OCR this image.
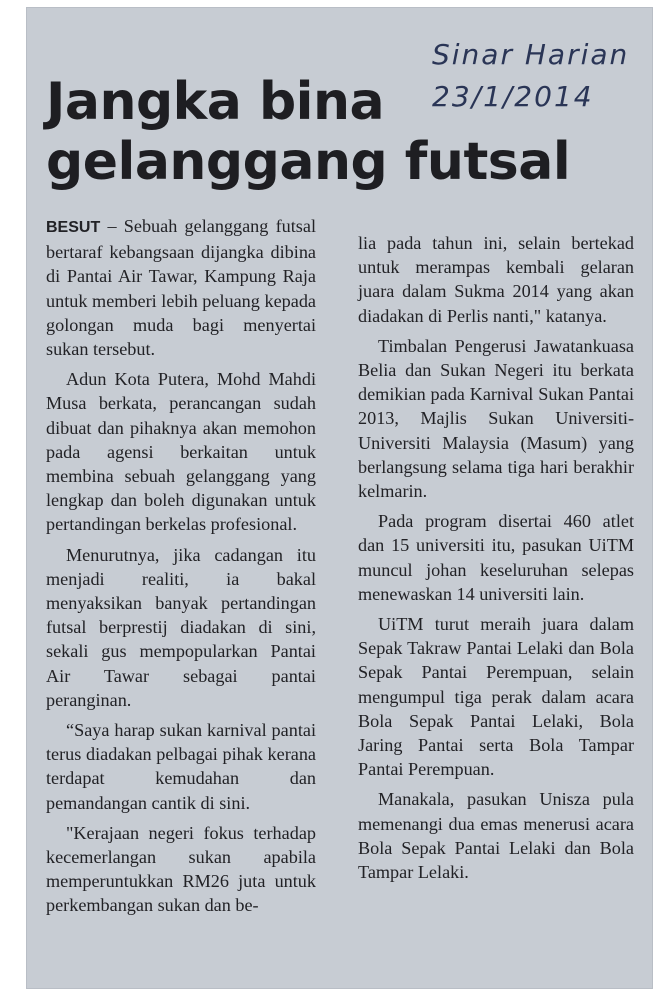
Sinar Harian
23/1/2014
Jangka bina
gelanggang futsal

BESUT – Sebuah gelanggang futsal bertaraf kebangsaan dijangka dibina di Pantai Air Tawar, Kampung Raja untuk memberi lebih peluang kepada golongan muda bagi menyertai sukan tersebut.

Adun Kota Putera, Mohd Mahdi Musa berkata, perancangan sudah dibuat dan pihaknya akan memohon pada agensi berkaitan untuk membina sebuah gelanggang yang lengkap dan boleh digunakan untuk pertandingan berkelas profesional.

Menurutnya, jika cadangan itu menjadi realiti, ia bakal menyaksikan banyak pertandingan futsal berprestij diadakan di sini, sekali gus mempopularkan Pantai Air Tawar sebagai pantai peranginan.

“Saya harap sukan karnival pantai terus diadakan pelbagai pihak kerana terdapat kemudahan dan pemandangan cantik di sini.

"Kerajaan negeri fokus terhadap kecemerlangan sukan apabila memperuntukkan RM26 juta untuk perkembangan sukan dan be-

lia pada tahun ini, selain bertekad untuk merampas kembali gelaran juara dalam Sukma 2014 yang akan diadakan di Perlis nanti," katanya.

Timbalan Pengerusi Jawatankuasa Belia dan Sukan Negeri itu berkata demikian pada Karnival Sukan Pantai 2013, Majlis Sukan Universiti-Universiti Malaysia (Masum) yang berlangsung selama tiga hari berakhir kelmarin.

Pada program disertai 460 atlet dan 15 universiti itu, pasukan UiTM muncul johan keseluruhan selepas menewaskan 14 universiti lain.

UiTM turut meraih juara dalam Sepak Takraw Pantai Lelaki dan Bola Sepak Pantai Perempuan, selain mengumpul tiga perak dalam acara Bola Sepak Pantai Lelaki, Bola Jaring Pantai serta Bola Tampar Pantai Perempuan.

Manakala, pasukan Unisza pula memenangi dua emas menerusi acara Bola Sepak Pantai Lelaki dan Bola Tampar Lelaki.
